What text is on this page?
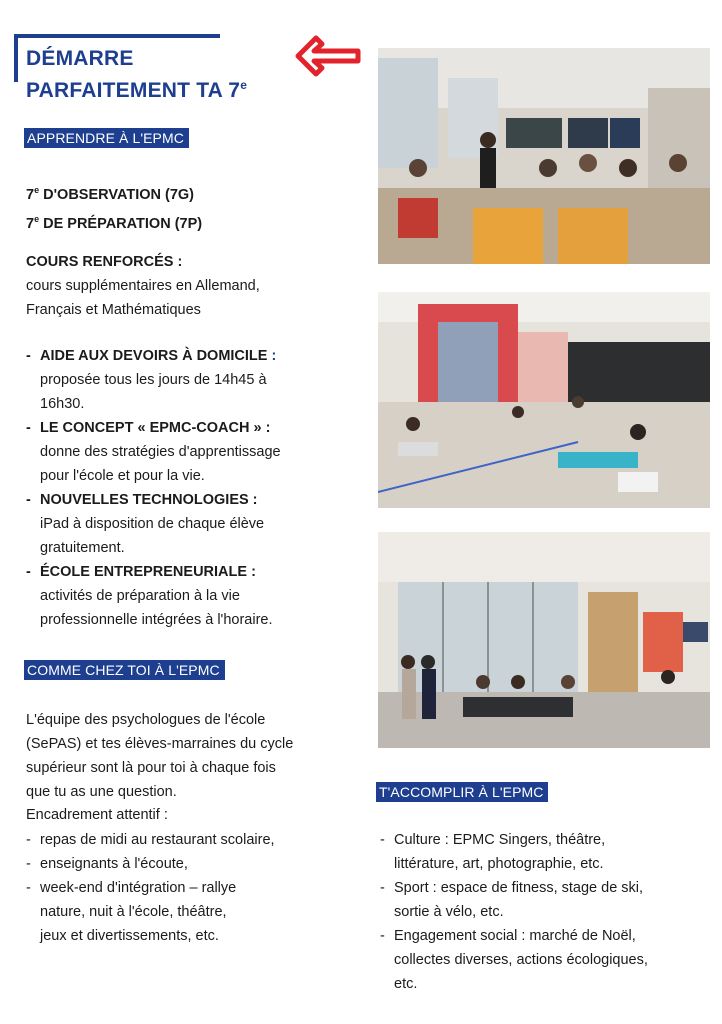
DÉMARRE
PARFAITEMENT TA 7e
APPRENDRE À L'EPMC

7e D'OBSERVATION (7G)

7e DE PRÉPARATION (7P)

COURS RENFORCÉS :

cours supplémentaires en Allemand,

Français et Mathématiques

- AIDE AUX DEVOIRS À DOMICILE :
proposée tous les jours de 14h45 à
16h30.
- LE CONCEPT « EPMC-COACH » :
donne des stratégies d'apprentissage
pour l'école et pour la vie.
- NOUVELLES TECHNOLOGIES :
iPad à disposition de chaque élève
gratuitement.
- ÉCOLE ENTREPRENEURIALE :
activités de préparation à la vie
professionnelle intégrées à l'horaire.
COMME CHEZ TOI À L'EPMC

L'équipe des psychologues de l'école

(SePAS) et tes élèves-marraines du cycle

supérieur sont là pour toi à chaque fois

que tu as une question.

Encadrement attentif :

- repas de midi au restaurant scolaire,
- enseignants à l'écoute,
- week-end d'intégration – rallye
nature, nuit à l'école, théâtre,
jeux et divertissements, etc.
T'ACCOMPLIR À L'EPMC
- Culture : EPMC Singers, théâtre,
littérature, art, photographie, etc.
- Sport : espace de fitness, stage de ski,
sortie à vélo, etc.
- Engagement social : marché de Noël,
collectes diverses, actions écologiques,
etc.
